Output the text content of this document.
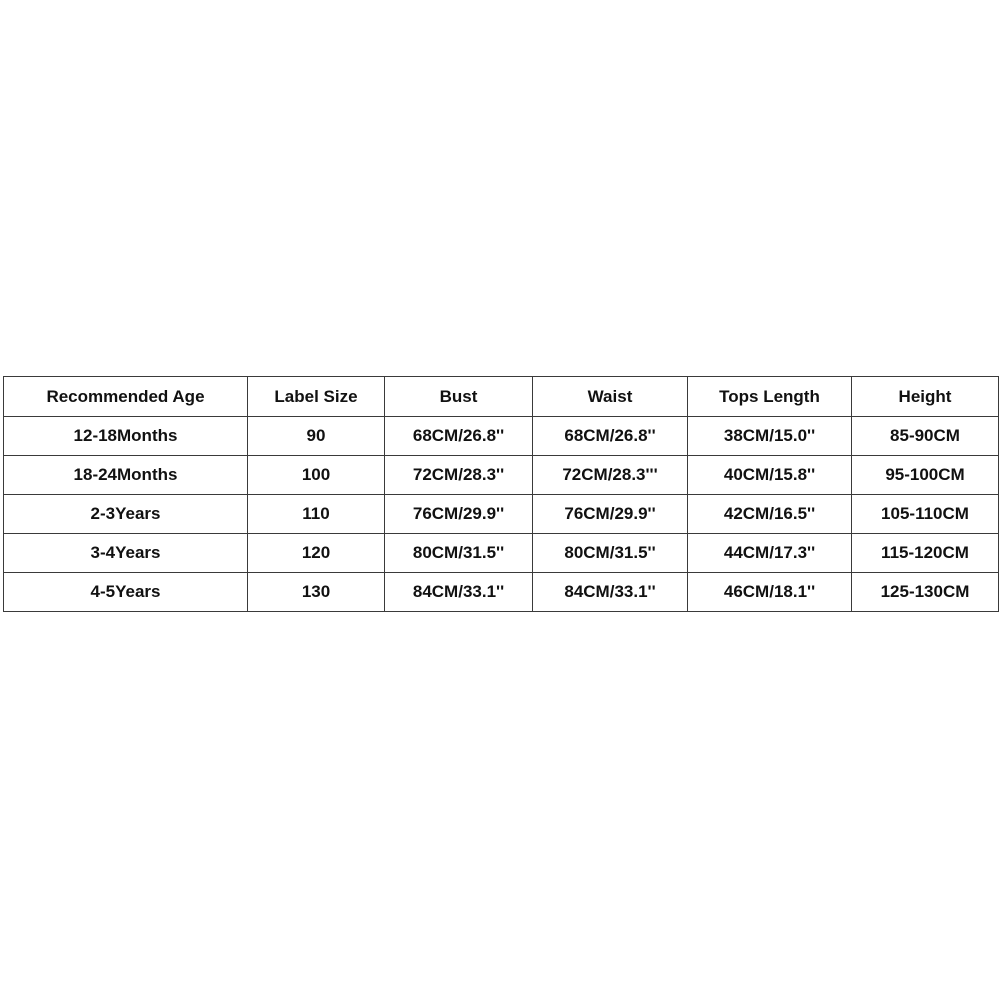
Recommended Age	Label Size	Bust	Waist	Tops Length	Height
12-18Months	90	68CM/26.8''	68CM/26.8''	38CM/15.0''	85-90CM
18-24Months	100	72CM/28.3''	72CM/28.3'''	40CM/15.8''	95-100CM
2-3Years	110	76CM/29.9''	76CM/29.9''	42CM/16.5''	105-110CM
3-4Years	120	80CM/31.5''	80CM/31.5''	44CM/17.3''	115-120CM
4-5Years	130	84CM/33.1''	84CM/33.1''	46CM/18.1''	125-130CM
